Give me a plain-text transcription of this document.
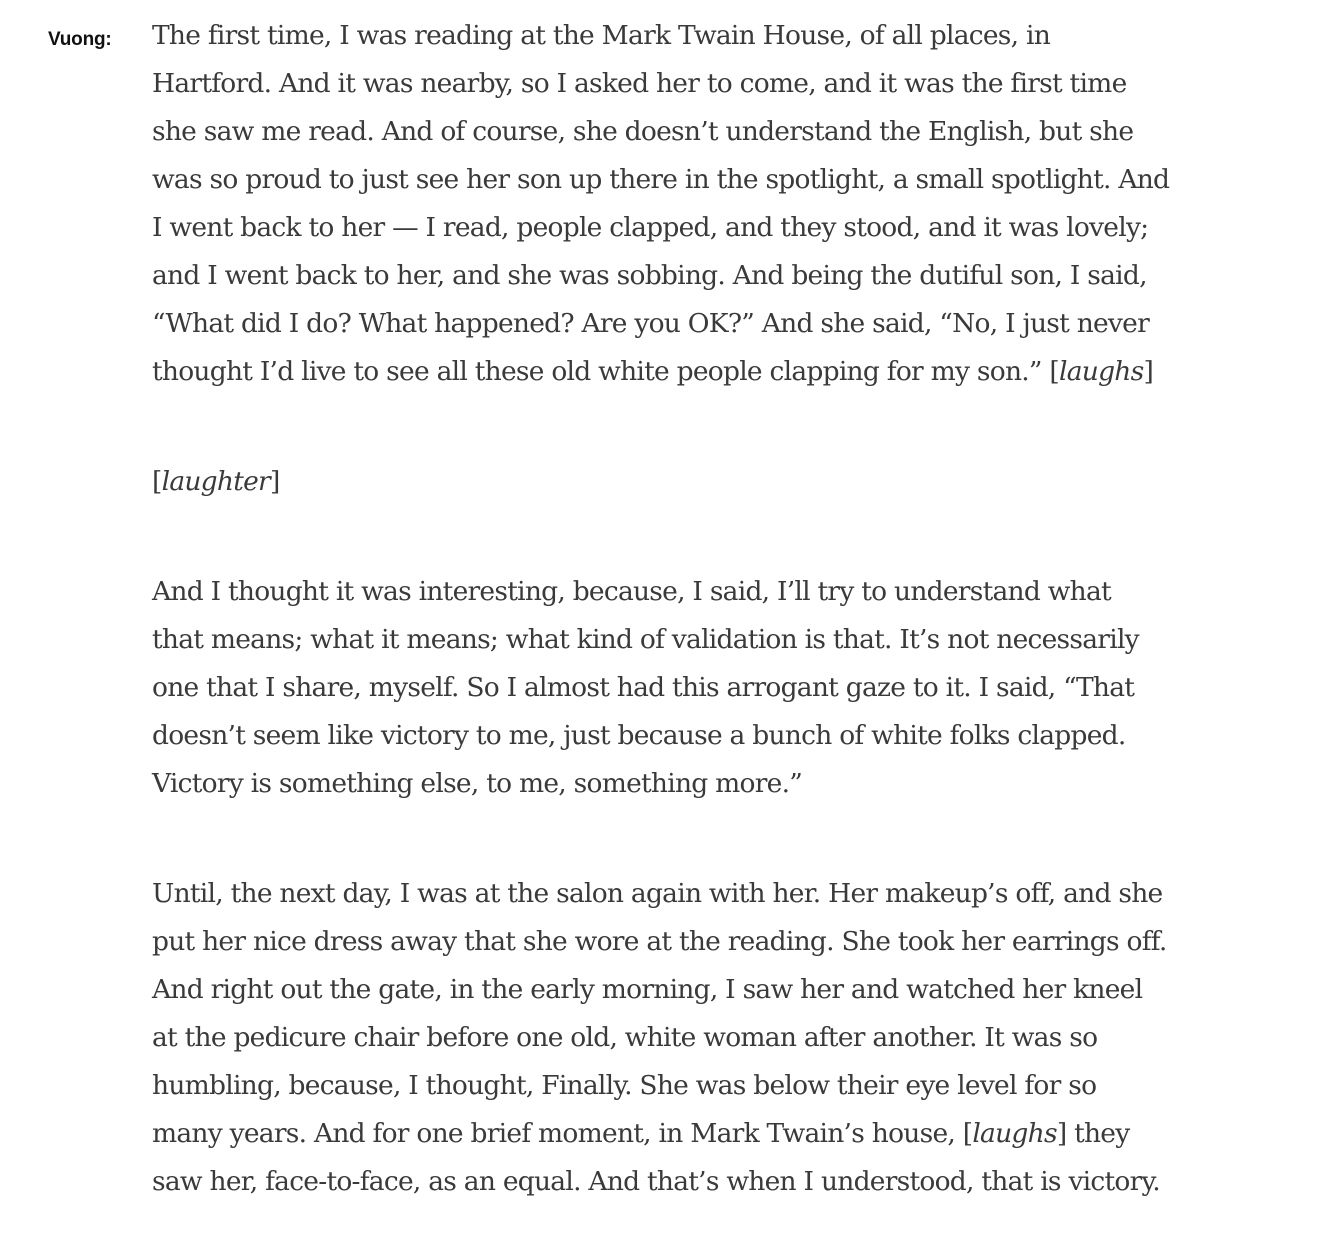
Vuong: The first time, I was reading at the Mark Twain House, of all places, in
Hartford. And it was nearby, so I asked her to come, and it was the first time
she saw me read. And of course, she doesn’t understand the English, but she
was so proud to just see her son up there in the spotlight, a small spotlight. And
I went back to her — I read, people clapped, and they stood, and it was lovely;
and I went back to her, and she was sobbing. And being the dutiful son, I said,
“What did I do? What happened? Are you OK?” And she said, “No, I just never
thought I’d live to see all these old white people clapping for my son.” [laughs]

[laughter]

And I thought it was interesting, because, I said, I’ll try to understand what
that means; what it means; what kind of validation is that. It’s not necessarily
one that I share, myself. So I almost had this arrogant gaze to it. I said, “That
doesn’t seem like victory to me, just because a bunch of white folks clapped.
Victory is something else, to me, something more.”

Until, the next day, I was at the salon again with her. Her makeup’s off, and she
put her nice dress away that she wore at the reading. She took her earrings off.
And right out the gate, in the early morning, I saw her and watched her kneel
at the pedicure chair before one old, white woman after another. It was so
humbling, because, I thought, Finally. She was below their eye level for so
many years. And for one brief moment, in Mark Twain’s house, [laughs] they
saw her, face-to-face, as an equal. And that’s when I understood, that is victory.
